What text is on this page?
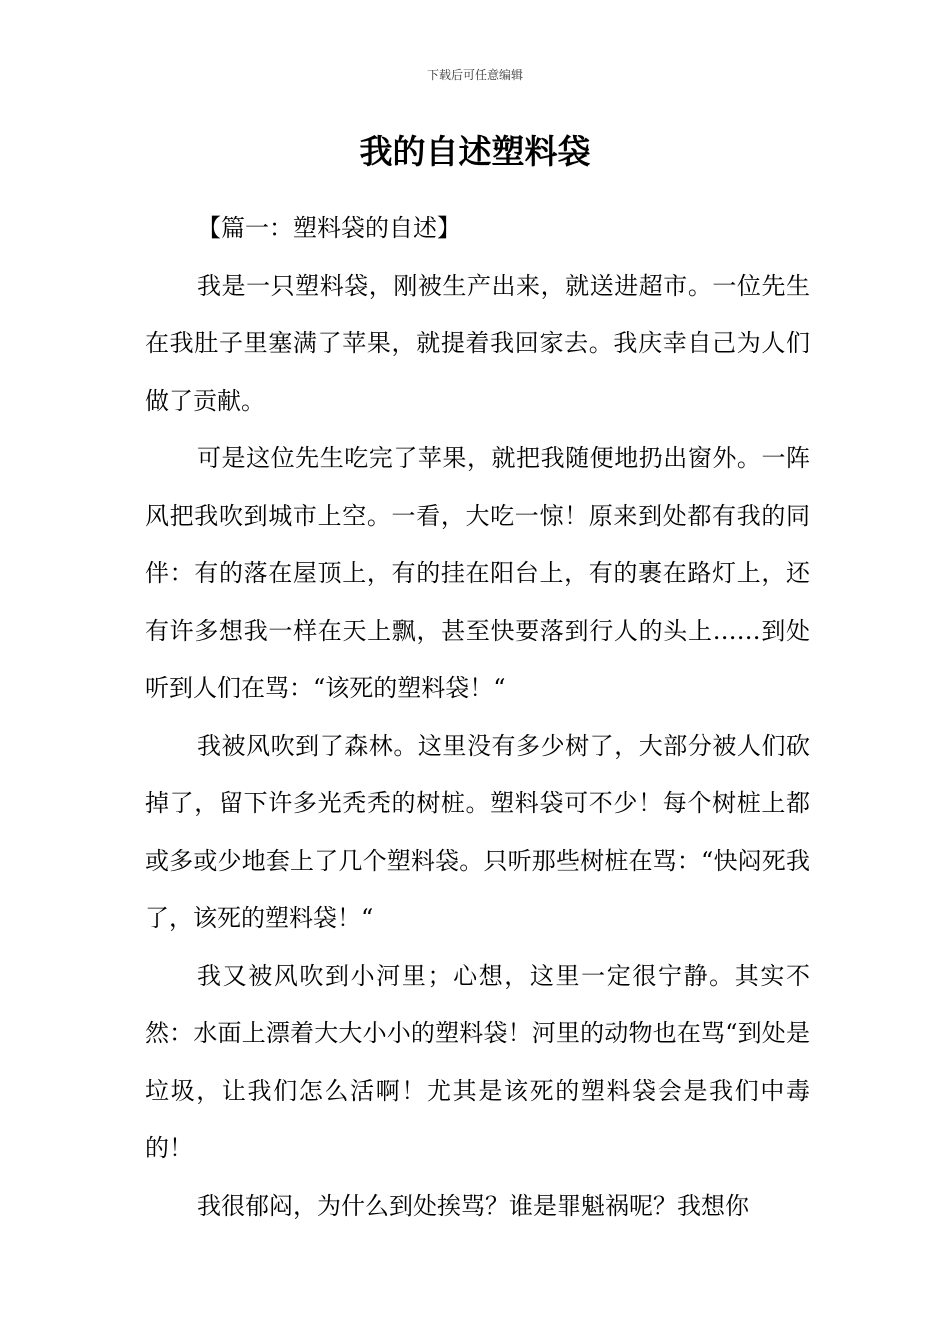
下载后可任意编辑
我的自述塑料袋

【篇一：塑料袋的自述】

我是一只塑料袋，刚被生产出来，就送进超市。一位先生在我肚子里塞满了苹果，就提着我回家去。我庆幸自己为人们做了贡献。

可是这位先生吃完了苹果，就把我随便地扔出窗外。一阵风把我吹到城市上空。一看，大吃一惊！原来到处都有我的同伴：有的落在屋顶上，有的挂在阳台上，有的裹在路灯上，还有许多想我一样在天上飘，甚至快要落到行人的头上……到处听到人们在骂：“该死的塑料袋！“

我被风吹到了森林。这里没有多少树了，大部分被人们砍掉了，留下许多光秃秃的树桩。塑料袋可不少！每个树桩上都或多或少地套上了几个塑料袋。只听那些树桩在骂：“快闷死我了，该死的塑料袋！“

我又被风吹到小河里；心想，这里一定很宁静。其实不然：水面上漂着大大小小的塑料袋！河里的动物也在骂“到处是垃圾，让我们怎么活啊！尤其是该死的塑料袋会是我们中毒的！

我很郁闷，为什么到处挨骂？谁是罪魁祸呢？我想你
